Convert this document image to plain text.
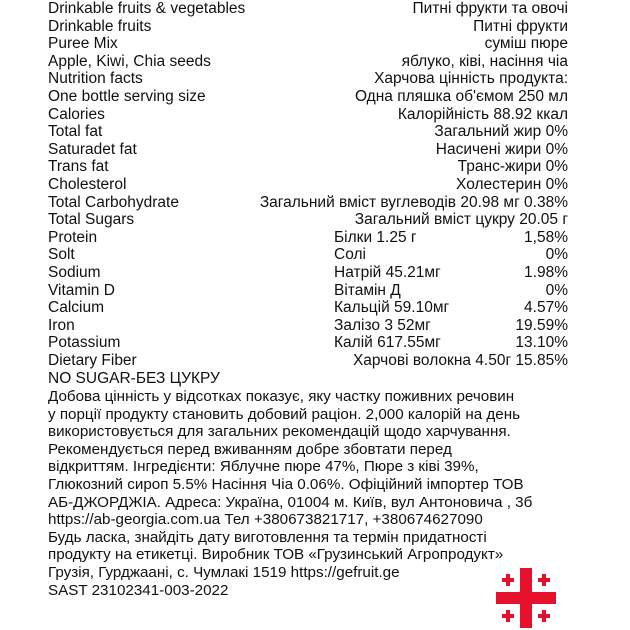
Drinkable fruits & vegetables	Питні фрукти та овочі
Drinkable fruits	Питні фрукти
Puree Mix	суміш пюре
Apple, Kiwi, Chia seeds	яблуко, ківі, насіння чіа
Nutrition facts	Харчова цінність продукта:
One bottle serving size	Одна пляшка об'ємом 250 мл
Calories	Калорійність 88.92 ккал
Total fat	Загальний жир 0%
Saturadet fat	Насичені жири 0%
Trans fat	Транс-жири 0%
Cholesterol	Холестерин 0%
Total Carbohydrate	Загальний вміст вуглеводів 20.98 мг 0.38%
Total Sugars	Загальний вміст цукру 20.05 г
Protein	Білки 1.25 г	1,58%
Solt	Солі	0%
Sodium	Натрій 45.21мг	1.98%
Vitamin D	Вітамін Д	0%
Calcium	Кальцій 59.10мг	4.57%
Iron	Залізо 3 52мг	19.59%
Potassium	Калій 617.55мг	13.10%
Dietary Fiber	Харчові волокна 4.50г 15.85%
NO SUGAR-БЕЗ ЦУКРУ
Добова цінність у відсотках показує, яку частку поживних речовин
у порції продукту становить добовий раціон. 2,000 калорій на день
використовується для загальних рекомендацій щодо харчування.
Рекомендується перед вживанням добре збовтати перед
відкриттям. Інгредієнти: Яблучне пюре 47%, Пюре з ківі 39%,
Глюкозний сироп 5.5% Насіння Чіа 0.06%. Офіційний імпортер ТОВ
АБ-ДЖОРДЖІА. Адреса: Україна, 01004 м. Київ, вул Антоновича , 3б
https://ab-georgia.com.ua Тел +380673821717, +380674627090
Будь ласка, знайдіть дату виготовлення та термін придатності
продукту на етикетці. Виробник ТОВ «Грузинський Агропродукт»
Грузія, Гурджаані, с. Чумлакі 1519 https://gefruit.ge
SAST 23102341-003-2022
